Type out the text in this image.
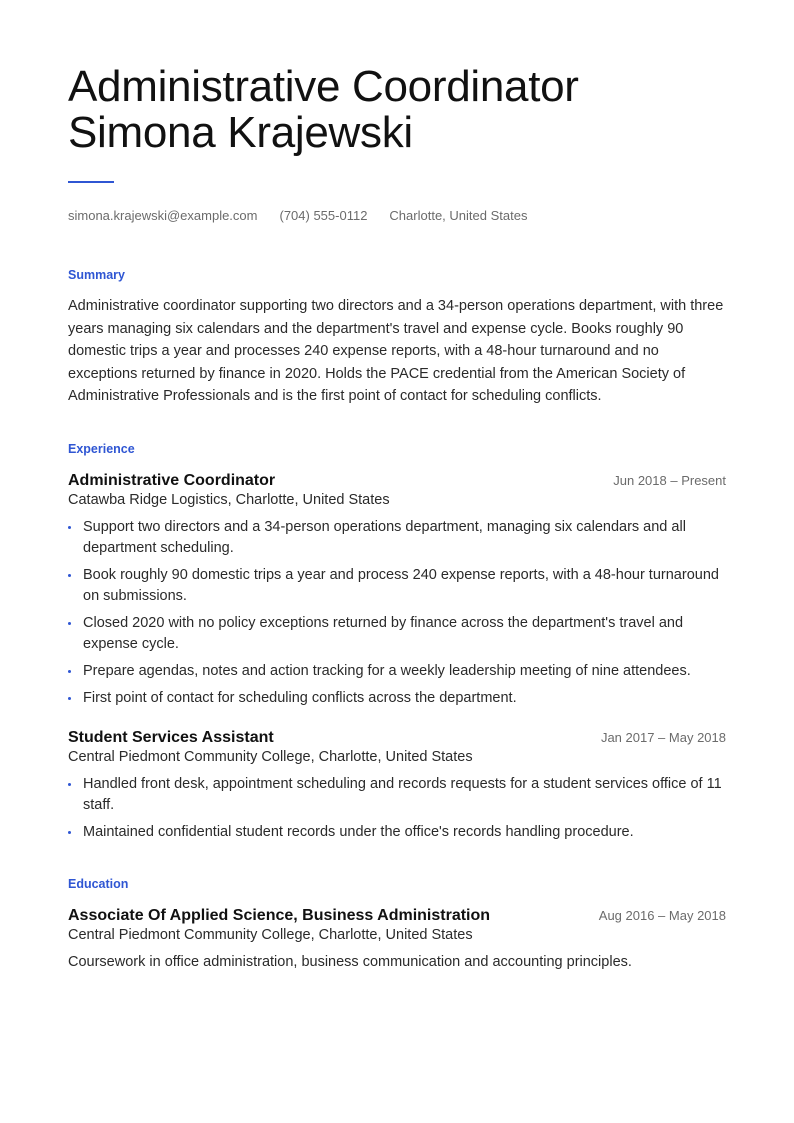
Administrative Coordinator
Simona Krajewski
simona.krajewski@example.com (704) 555-0112 Charlotte, United States
Summary

Administrative coordinator supporting two directors and a 34-person operations department, with three years managing six calendars and the department's travel and expense cycle. Books roughly 90 domestic trips a year and processes 240 expense reports, with a 48-hour turnaround and no exceptions returned by finance in 2020. Holds the PACE credential from the American Society of Administrative Professionals and is the first point of contact for scheduling conflicts.

Experience
Administrative Coordinator	Jun 2018 – Present
Catawba Ridge Logistics, Charlotte, United States
Support two directors and a 34-person operations department, managing six calendars and all department scheduling.
Book roughly 90 domestic trips a year and process 240 expense reports, with a 48-hour turnaround on submissions.
Closed 2020 with no policy exceptions returned by finance across the department's travel and expense cycle.
Prepare agendas, notes and action tracking for a weekly leadership meeting of nine attendees.
First point of contact for scheduling conflicts across the department.
Student Services Assistant	Jan 2017 – May 2018
Central Piedmont Community College, Charlotte, United States
Handled front desk, appointment scheduling and records requests for a student services office of 11 staff.
Maintained confidential student records under the office's records handling procedure.
Education
Associate Of Applied Science, Business Administration	Aug 2016 – May 2018
Central Piedmont Community College, Charlotte, United States
Coursework in office administration, business communication and accounting principles.
